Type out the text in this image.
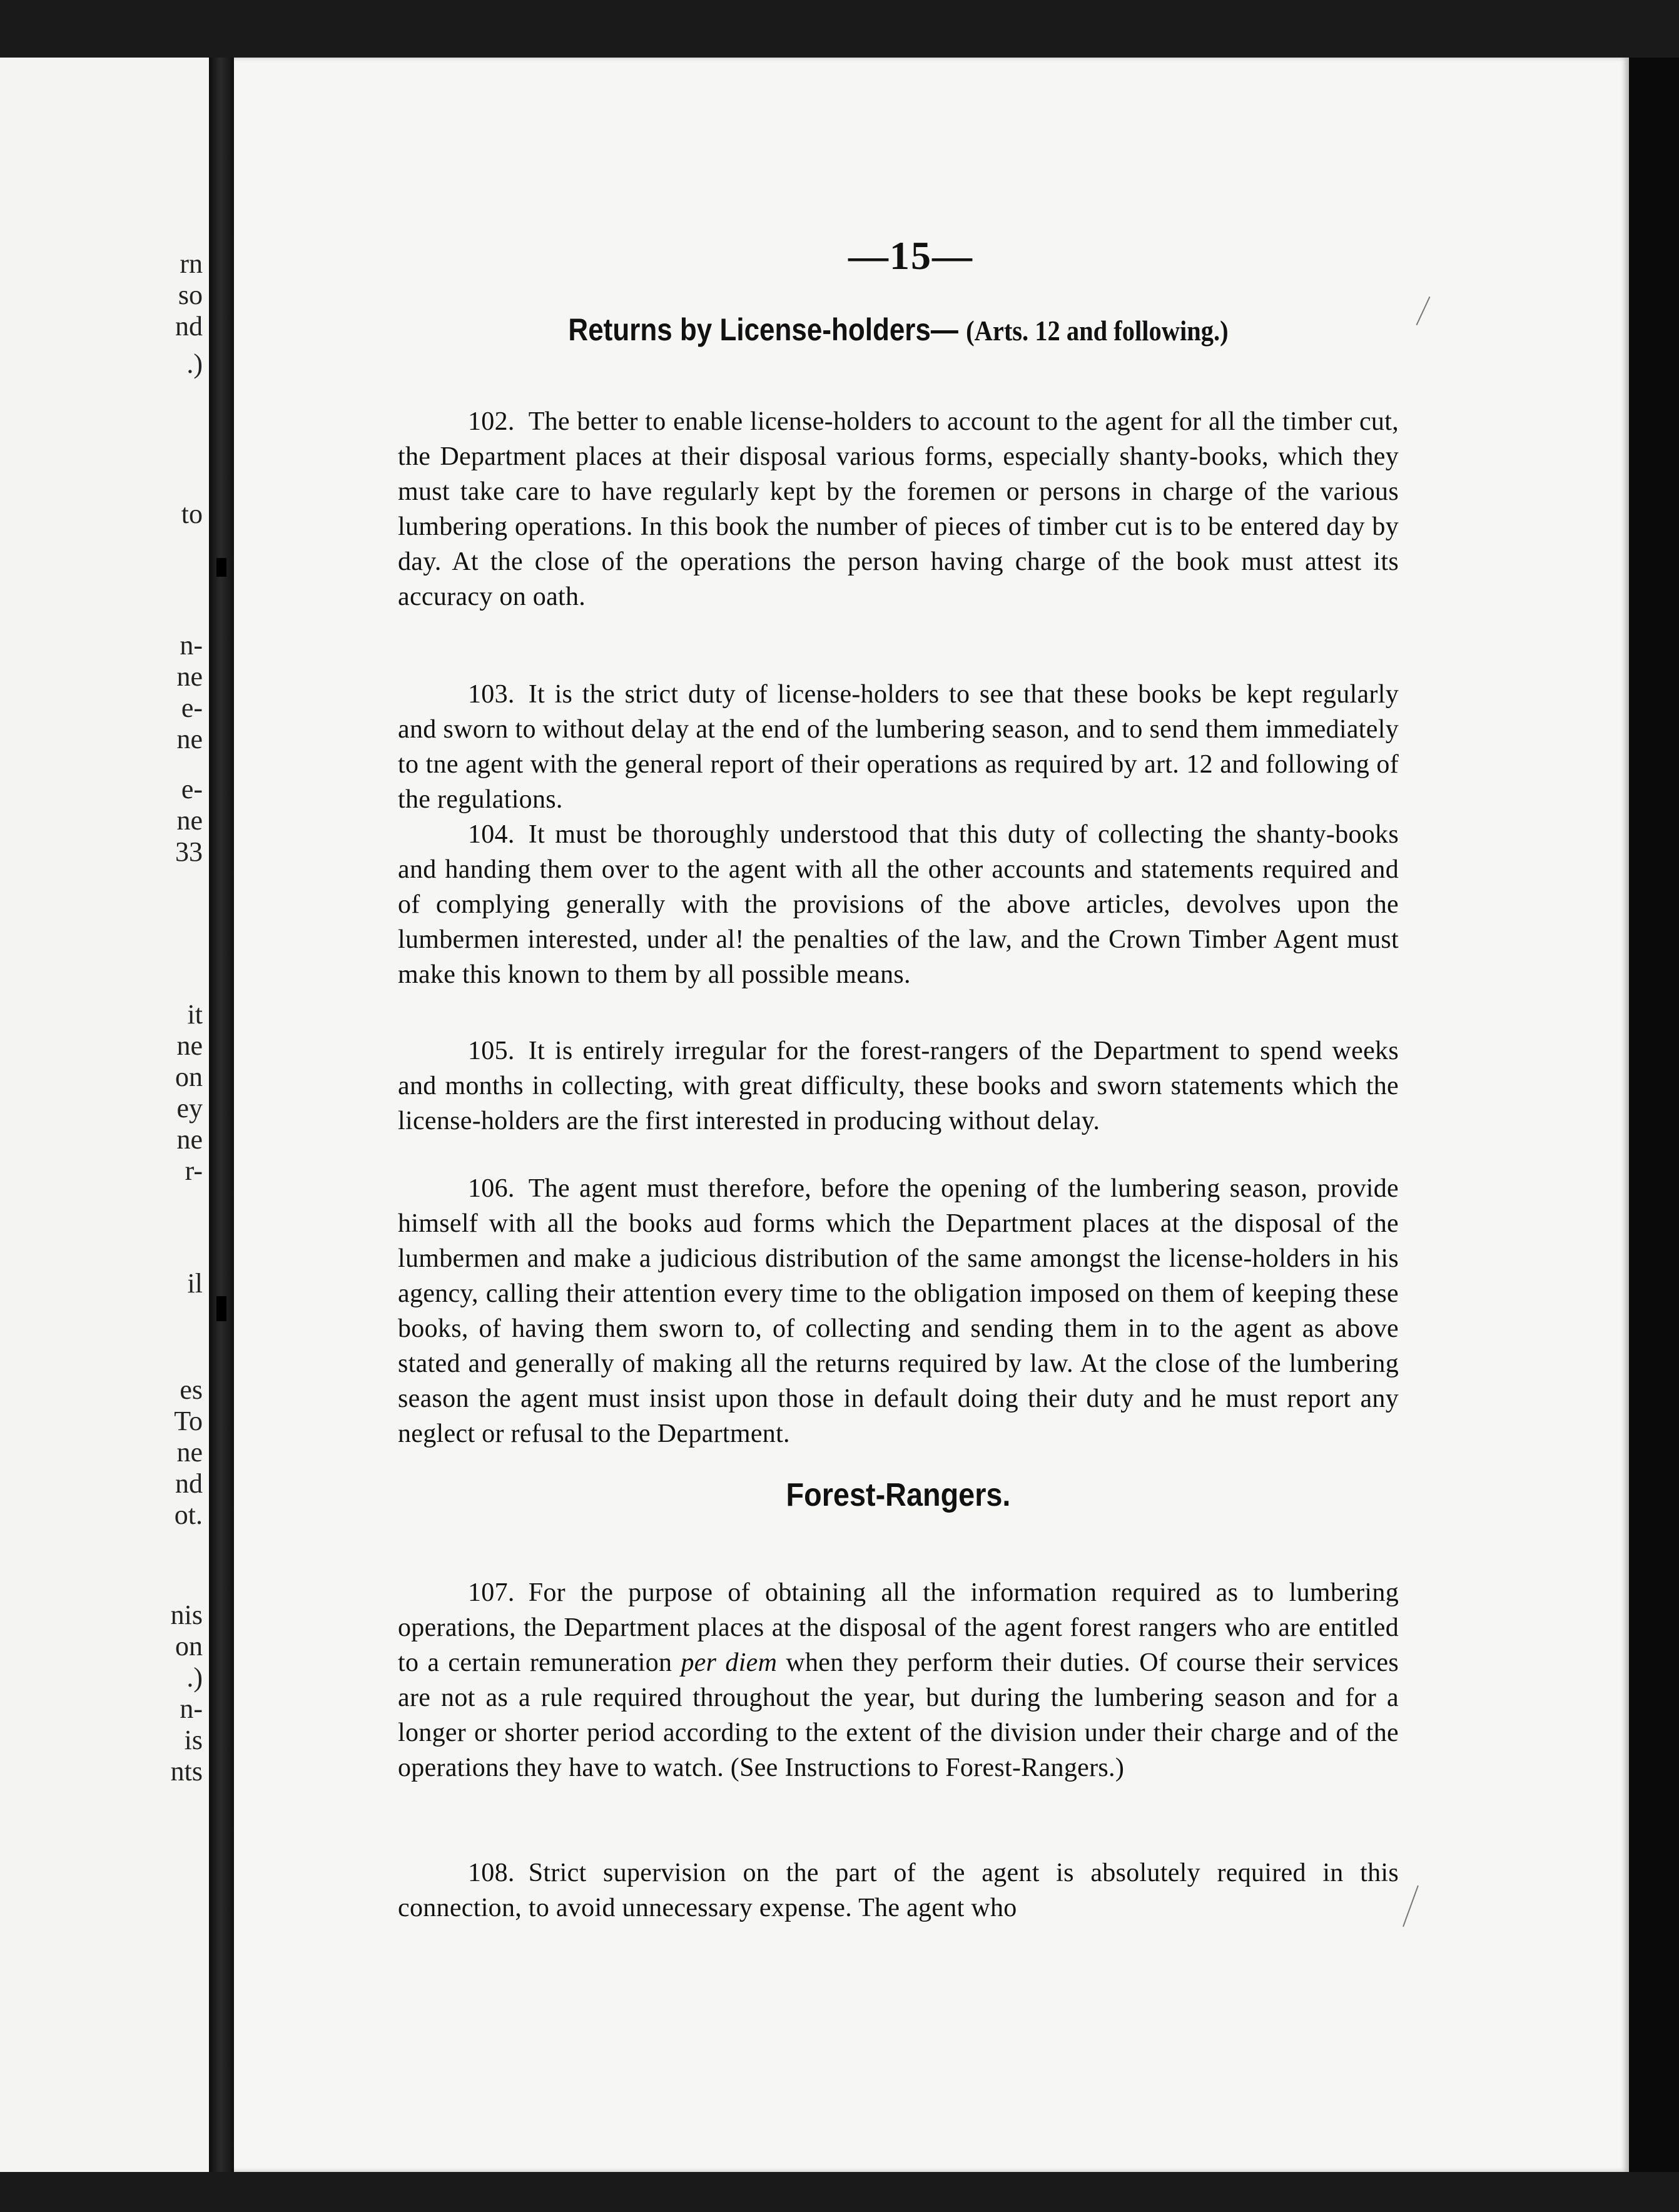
rn
so
nd
.)
to
n-
ne
e-
ne
e-
ne
33
it
ne
on
ey
ne
r-
il
es
To
ne
nd
ot.
nis
on
.)
n-
is
nts
—15—
Returns by License-holders— (Arts. 12 and following.)

102. The better to enable license-holders to account to the agent for all the timber cut, the Department places at their disposal various forms, especially shanty-books, which they must take care to have regularly kept by the foremen or persons in charge of the various lumbering operations. In this book the number of pieces of timber cut is to be entered day by day. At the close of the operations the person having charge of the book must attest its accuracy on oath.

103. It is the strict duty of license-holders to see that these books be kept regularly and sworn to without delay at the end of the lumbering season, and to send them immediately to tne agent with the general report of their operations as required by art. 12 and following of the regulations.

104. It must be thoroughly understood that this duty of collecting the shanty-books and handing them over to the agent with all the other accounts and statements required and of complying generally with the provisions of the above articles, devolves upon the lumbermen interested, under al! the penalties of the law, and the Crown Timber Agent must make this known to them by all possible means.

105. It is entirely irregular for the forest-rangers of the Department to spend weeks and months in collecting, with great difficulty, these books and sworn statements which the license-holders are the first interested in producing without delay.

106. The agent must therefore, before the opening of the lumbering season, provide himself with all the books aud forms which the Department places at the disposal of the lumbermen and make a judicious distribution of the same amongst the license-holders in his agency, calling their attention every time to the obligation imposed on them of keeping these books, of having them sworn to, of collecting and sending them in to the agent as above stated and generally of making all the returns required by law. At the close of the lumbering season the agent must insist upon those in default doing their duty and he must report any neglect or refusal to the Department.

Forest-Rangers.

107. For the purpose of obtaining all the information required as to lumbering operations, the Department places at the disposal of the agent forest rangers who are entitled to a certain remuneration per diem when they perform their duties. Of course their services are not as a rule required throughout the year, but during the lumbering season and for a longer or shorter period according to the extent of the division under their charge and of the operations they have to watch. (See Instructions to Forest-Rangers.)

108. Strict supervision on the part of the agent is absolutely required in this connection, to avoid unnecessary expense. The agent who
